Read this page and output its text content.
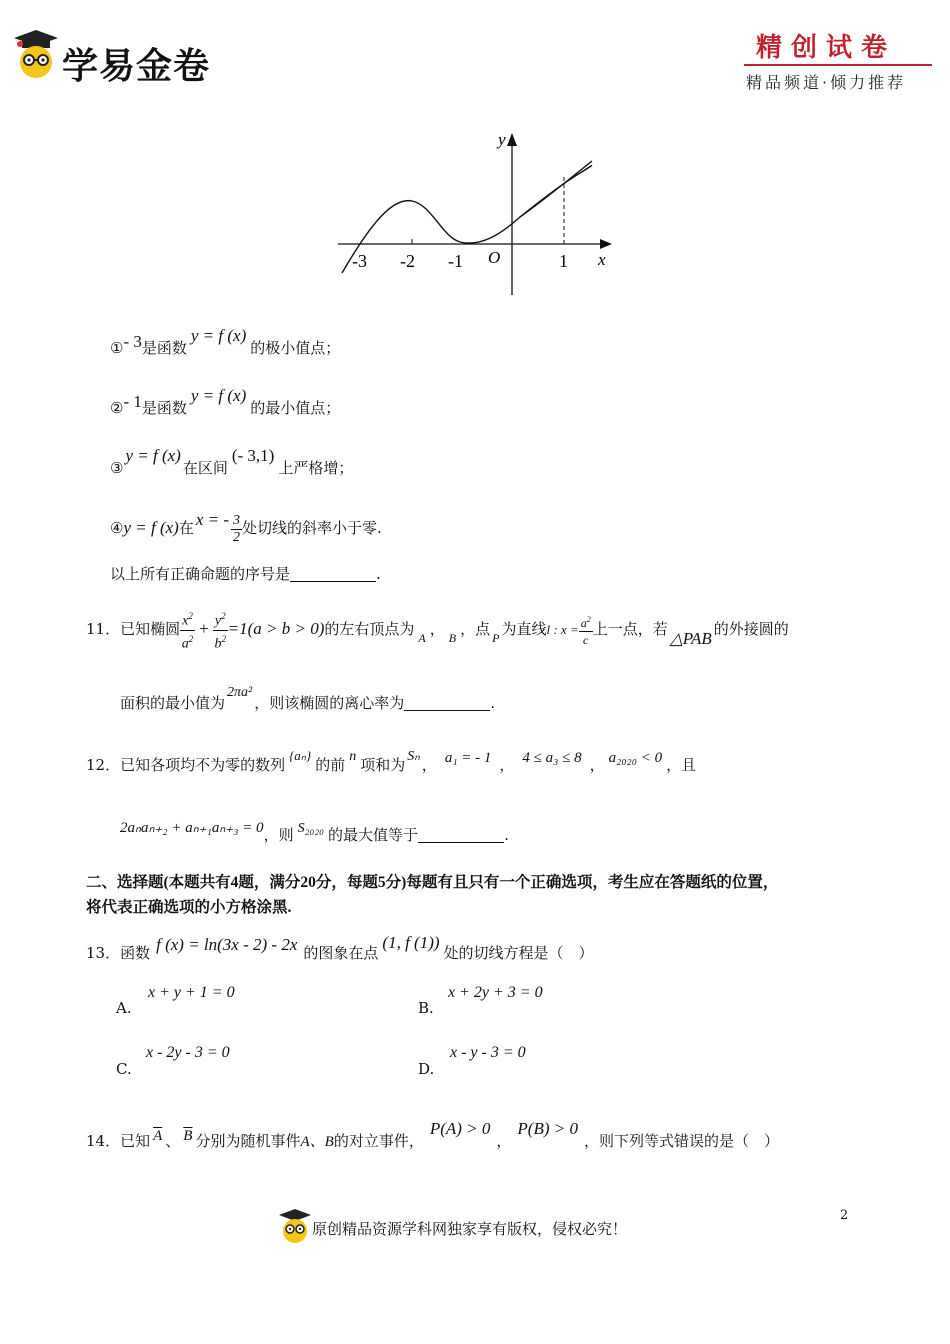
学易金卷	精创试卷
精品频道·倾力推荐
y
x
O
-3 -2 -1	1
①- 3是函数y = f (x)的极小值点；
②- 1是函数y = f (x)的最小值点；
③y = f (x)在区间(- 3,1)上严格增；
④y = f (x)在 x = - $\frac{3}{2}$ 处切线的斜率小于零.
以上所有正确命题的序号是	.
11．已知椭圆 $\frac{x^2}{a^2} + \frac{y^2}{b^2} =1(a > b > 0)$的左右顶点为 $_A$ ， $_B$ ，点 $_P$ 为直线l : $x = \frac{a^2}{c}$ 上一点，若 △PAB 的外接圆的
面积的最小值为2πa²，则该椭圆的离心率为	.
12．已知各项均不为零的数列{aₙ}的前 n 项和为 Sₙ ， a₁ = - 1 ， 4 ≤ a₃ ≤ 8 ， a₂₀₂₀ < 0 ，且
2aₙaₙ₊₂ + aₙ₊₁aₙ₊₃ = 0，则 S₂₀₂₀ 的最大值等于	.
二、选择题(本题共有4题，满分20分，每题5分)每题有且只有一个正确选项，考生应在答题纸的位置，
将代表正确选项的小方格涂黑.
13．函数 f (x) = ln(3x - 2) - 2x 的图象在点(1, f (1))处的切线方程是（　）
A.
x + y + 1 = 0
B.
x + 2y + 3 = 0
C.
x - 2y - 3 = 0
D.
x - y - 3 = 0
14．已知 $\overline{A}$ 、 $\overline{B}$ 分别为随机事件A、B的对立事件，P(A) > 0，P(B) > 0，则下列等式错误的是（　）
原创精品资源学科网独家享有版权，侵权必究！
2
